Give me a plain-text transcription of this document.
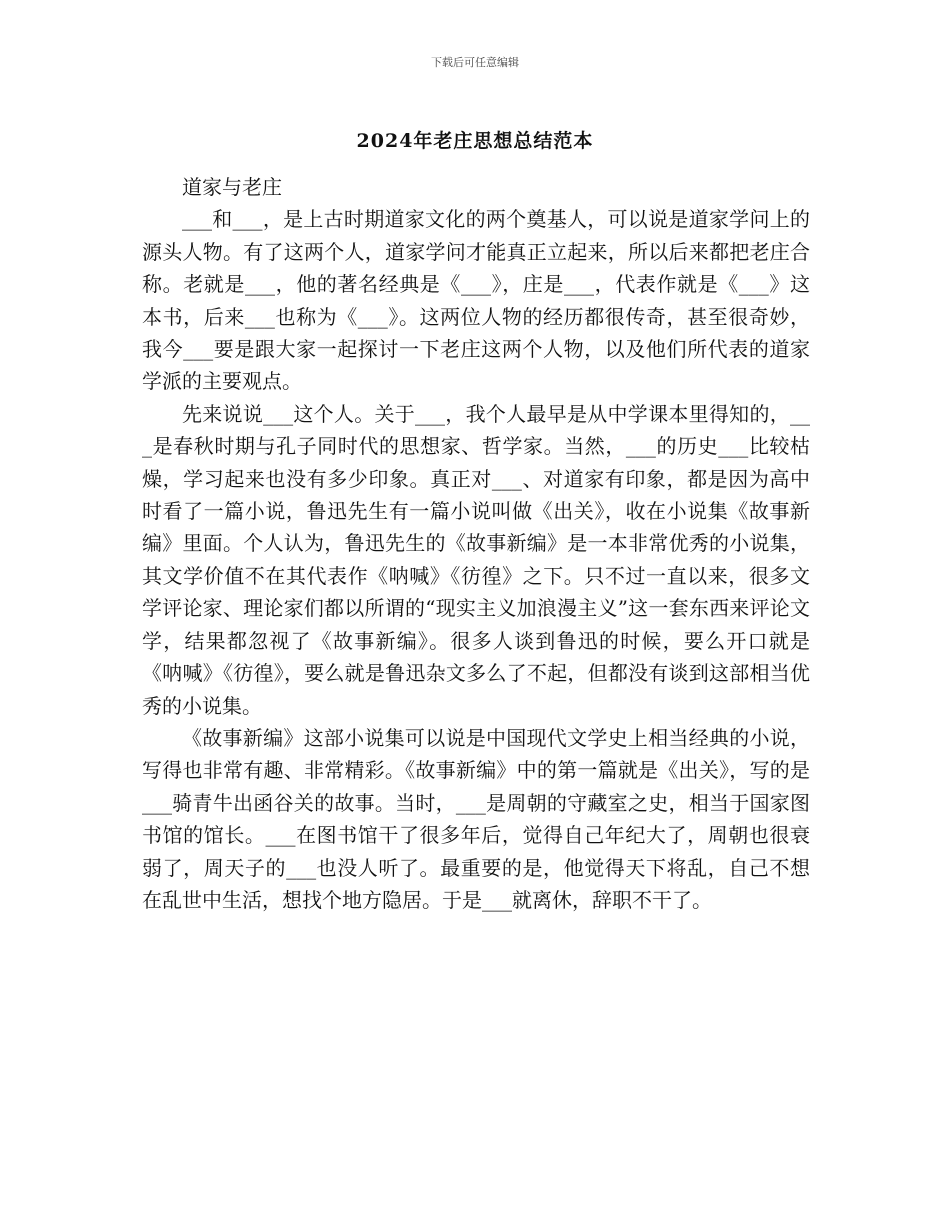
下载后可任意编辑
2024年老庄思想总结范本

道家与老庄

___和___，是上古时期道家文化的两个奠基人，可以说是道家学问上的源头人物。有了这两个人，道家学问才能真正立起来，所以后来都把老庄合称。老就是___，他的著名经典是《___》，庄是___，代表作就是《___》这本书，后来___也称为《___》。这两位人物的经历都很传奇，甚至很奇妙，我今___要是跟大家一起探讨一下老庄这两个人物，以及他们所代表的道家学派的主要观点。

先来说说___这个人。关于___，我个人最早是从中学课本里得知的，___是春秋时期与孔子同时代的思想家、哲学家。当然，___的历史___比较枯燥，学习起来也没有多少印象。真正对___、对道家有印象，都是因为高中时看了一篇小说，鲁迅先生有一篇小说叫做《出关》，收在小说集《故事新编》里面。个人认为，鲁迅先生的《故事新编》是一本非常优秀的小说集，其文学价值不在其代表作《呐喊》《彷徨》之下。只不过一直以来，很多文学评论家、理论家们都以所谓的“现实主义加浪漫主义”这一套东西来评论文学，结果都忽视了《故事新编》。很多人谈到鲁迅的时候，要么开口就是《呐喊》《彷徨》，要么就是鲁迅杂文多么了不起，但都没有谈到这部相当优秀的小说集。

《故事新编》这部小说集可以说是中国现代文学史上相当经典的小说，写得也非常有趣、非常精彩。《故事新编》中的第一篇就是《出关》，写的是___骑青牛出函谷关的故事。当时，___是周朝的守藏室之史，相当于国家图书馆的馆长。___在图书馆干了很多年后，觉得自己年纪大了，周朝也很衰弱了，周天子的___也没人听了。最重要的是，他觉得天下将乱，自己不想在乱世中生活，想找个地方隐居。于是___就离休，辞职不干了。
